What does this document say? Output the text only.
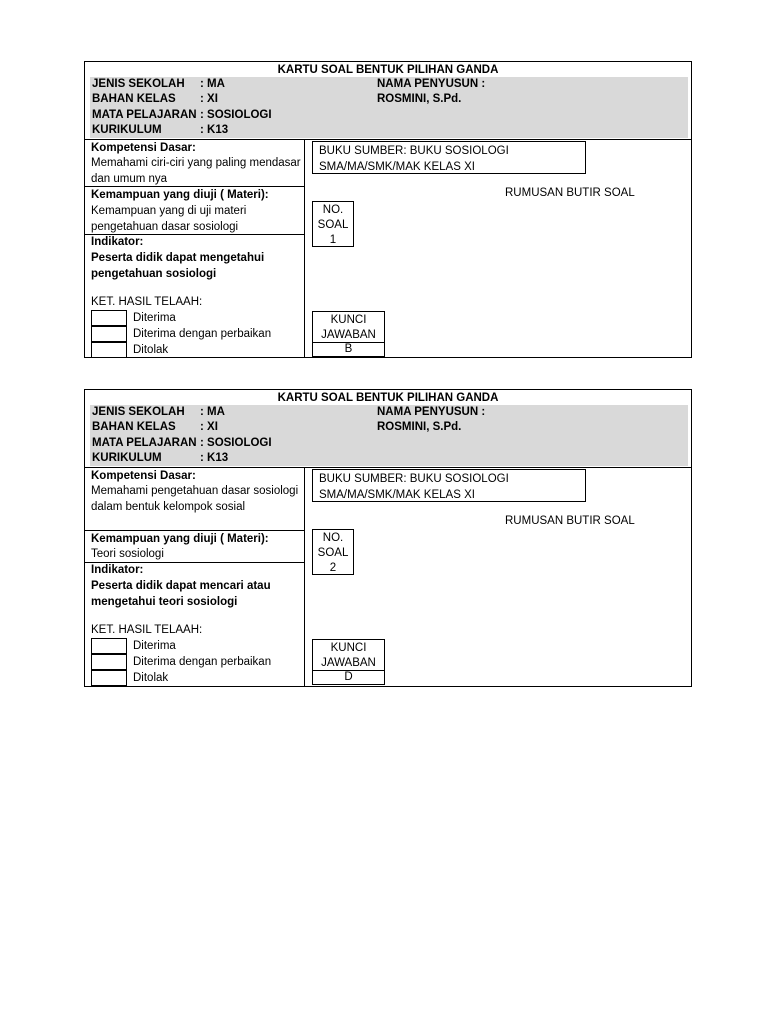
KARTU SOAL BENTUK PILIHAN GANDA
JENIS SEKOLAH : MA
BAHAN KELAS : XI
MATA PELAJARAN : SOSIOLOGI
KURIKULUM	: K13
NAMA PENYUSUN :
ROSMINI, S.Pd.
Kompetensi Dasar:
Memahami ciri-ciri yang paling mendasar dan umum nya
Kemampuan yang diuji ( Materi):
Kemampuan yang di uji materi pengetahuan dasar sosiologi
Indikator:
Peserta didik dapat mengetahui pengetahuan sosiologi
KET. HASIL TELAAH:
Diterima
Diterima dengan perbaikan
Ditolak
BUKU SUMBER: BUKU SOSIOLOGI SMA/MA/SMK/MAK KELAS XI
RUMUSAN BUTIR SOAL
NO. SOAL
1
KUNCI JAWABAN
B
KARTU SOAL BENTUK PILIHAN GANDA
JENIS SEKOLAH : MA
BAHAN KELAS : XI
MATA PELAJARAN : SOSIOLOGI
KURIKULUM	: K13
NAMA PENYUSUN :
ROSMINI, S.Pd.
Kompetensi Dasar:
Memahami pengetahuan dasar sosiologi dalam bentuk kelompok sosial
Kemampuan yang diuji ( Materi):
Teori sosiologi
Indikator:
Peserta didik dapat mencari atau mengetahui teori sosiologi
KET. HASIL TELAAH:
Diterima
Diterima dengan perbaikan
Ditolak
BUKU SUMBER: BUKU SOSIOLOGI SMA/MA/SMK/MAK KELAS XI
RUMUSAN BUTIR SOAL
NO. SOAL
2
KUNCI JAWABAN
D
